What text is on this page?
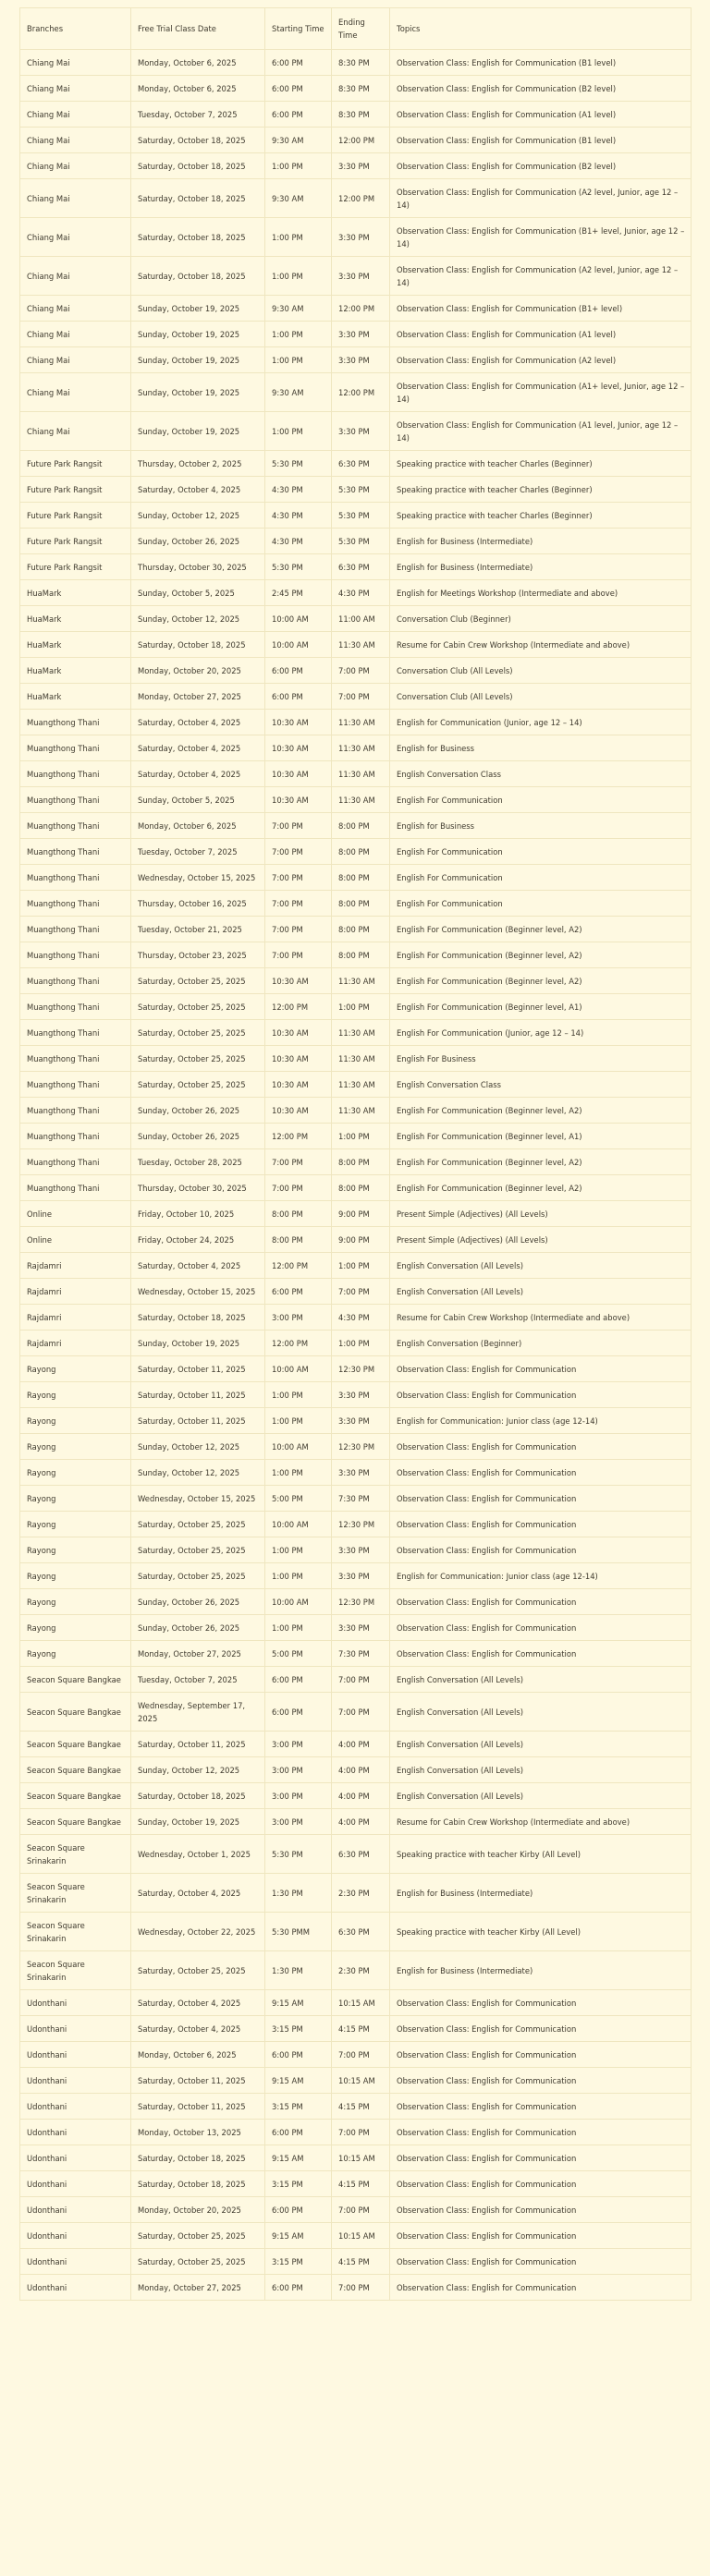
Branches	Free Trial Class Date	Starting Time	Ending Time	Topics
Chiang Mai	Monday, October 6, 2025	6:00 PM	8:30 PM	Observation Class: English for Communication (B1 level)
Chiang Mai	Monday, October 6, 2025	6:00 PM	8:30 PM	Observation Class: English for Communication (B2 level)
Chiang Mai	Tuesday, October 7, 2025	6:00 PM	8:30 PM	Observation Class: English for Communication (A1 level)
Chiang Mai	Saturday, October 18, 2025	9:30 AM	12:00 PM	Observation Class: English for Communication (B1 level)
Chiang Mai	Saturday, October 18, 2025	1:00 PM	3:30 PM	Observation Class: English for Communication (B2 level)
Chiang Mai	Saturday, October 18, 2025	9:30 AM	12:00 PM	Observation Class: English for Communication (A2 level, Junior, age 12 – 14)
Chiang Mai	Saturday, October 18, 2025	1:00 PM	3:30 PM	Observation Class: English for Communication (B1+ level, Junior, age 12 – 14)
Chiang Mai	Saturday, October 18, 2025	1:00 PM	3:30 PM	Observation Class: English for Communication (A2 level, Junior, age 12 – 14)
Chiang Mai	Sunday, October 19, 2025	9:30 AM	12:00 PM	Observation Class: English for Communication (B1+ level)
Chiang Mai	Sunday, October 19, 2025	1:00 PM	3:30 PM	Observation Class: English for Communication (A1 level)
Chiang Mai	Sunday, October 19, 2025	1:00 PM	3:30 PM	Observation Class: English for Communication (A2 level)
Chiang Mai	Sunday, October 19, 2025	9:30 AM	12:00 PM	Observation Class: English for Communication (A1+ level, Junior, age 12 – 14)
Chiang Mai	Sunday, October 19, 2025	1:00 PM	3:30 PM	Observation Class: English for Communication (A1 level, Junior, age 12 – 14)
Future Park Rangsit	Thursday, October 2, 2025	5:30 PM	6:30 PM	Speaking practice with teacher Charles (Beginner)
Future Park Rangsit	Saturday, October 4, 2025	4:30 PM	5:30 PM	Speaking practice with teacher Charles (Beginner)
Future Park Rangsit	Sunday, October 12, 2025	4:30 PM	5:30 PM	Speaking practice with teacher Charles (Beginner)
Future Park Rangsit	Sunday, October 26, 2025	4:30 PM	5:30 PM	English for Business (Intermediate)
Future Park Rangsit	Thursday, October 30, 2025	5:30 PM	6:30 PM	English for Business (Intermediate)
HuaMark	Sunday, October 5, 2025	2:45 PM	4:30 PM	English for Meetings Workshop (Intermediate and above)
HuaMark	Sunday, October 12, 2025	10:00 AM	11:00 AM	Conversation Club (Beginner)
HuaMark	Saturday, October 18, 2025	10:00 AM	11:30 AM	Resume for Cabin Crew Workshop (Intermediate and above)
HuaMark	Monday, October 20, 2025	6:00 PM	7:00 PM	Conversation Club (All Levels)
HuaMark	Monday, October 27, 2025	6:00 PM	7:00 PM	Conversation Club (All Levels)
Muangthong Thani	Saturday, October 4, 2025	10:30 AM	11:30 AM	English for Communication (Junior, age 12 – 14)
Muangthong Thani	Saturday, October 4, 2025	10:30 AM	11:30 AM	English for Business
Muangthong Thani	Saturday, October 4, 2025	10:30 AM	11:30 AM	English Conversation Class
Muangthong Thani	Sunday, October 5, 2025	10:30 AM	11:30 AM	English For Communication
Muangthong Thani	Monday, October 6, 2025	7:00 PM	8:00 PM	English for Business
Muangthong Thani	Tuesday, October 7, 2025	7:00 PM	8:00 PM	English For Communication
Muangthong Thani	Wednesday, October 15, 2025	7:00 PM	8:00 PM	English For Communication
Muangthong Thani	Thursday, October 16, 2025	7:00 PM	8:00 PM	English For Communication
Muangthong Thani	Tuesday, October 21, 2025	7:00 PM	8:00 PM	English For Communication (Beginner level, A2)
Muangthong Thani	Thursday, October 23, 2025	7:00 PM	8:00 PM	English For Communication (Beginner level, A2)
Muangthong Thani	Saturday, October 25, 2025	10:30 AM	11:30 AM	English For Communication (Beginner level, A2)
Muangthong Thani	Saturday, October 25, 2025	12:00 PM	1:00 PM	English For Communication (Beginner level, A1)
Muangthong Thani	Saturday, October 25, 2025	10:30 AM	11:30 AM	English For Communication (Junior, age 12 – 14)
Muangthong Thani	Saturday, October 25, 2025	10:30 AM	11:30 AM	English For Business
Muangthong Thani	Saturday, October 25, 2025	10:30 AM	11:30 AM	English Conversation Class
Muangthong Thani	Sunday, October 26, 2025	10:30 AM	11:30 AM	English For Communication (Beginner level, A2)
Muangthong Thani	Sunday, October 26, 2025	12:00 PM	1:00 PM	English For Communication (Beginner level, A1)
Muangthong Thani	Tuesday, October 28, 2025	7:00 PM	8:00 PM	English For Communication (Beginner level, A2)
Muangthong Thani	Thursday, October 30, 2025	7:00 PM	8:00 PM	English For Communication (Beginner level, A2)
Online	Friday, October 10, 2025	8:00 PM	9:00 PM	Present Simple (Adjectives) (All Levels)
Online	Friday, October 24, 2025	8:00 PM	9:00 PM	Present Simple (Adjectives) (All Levels)
Rajdamri	Saturday, October 4, 2025	12:00 PM	1:00 PM	English Conversation (All Levels)
Rajdamri	Wednesday, October 15, 2025	6:00 PM	7:00 PM	English Conversation (All Levels)
Rajdamri	Saturday, October 18, 2025	3:00 PM	4:30 PM	Resume for Cabin Crew Workshop (Intermediate and above)
Rajdamri	Sunday, October 19, 2025	12:00 PM	1:00 PM	English Conversation (Beginner)
Rayong	Saturday, October 11, 2025	10:00 AM	12:30 PM	Observation Class: English for Communication
Rayong	Saturday, October 11, 2025	1:00 PM	3:30 PM	Observation Class: English for Communication
Rayong	Saturday, October 11, 2025	1:00 PM	3:30 PM	English for Communication: Junior class (age 12-14)
Rayong	Sunday, October 12, 2025	10:00 AM	12:30 PM	Observation Class: English for Communication
Rayong	Sunday, October 12, 2025	1:00 PM	3:30 PM	Observation Class: English for Communication
Rayong	Wednesday, October 15, 2025	5:00 PM	7:30 PM	Observation Class: English for Communication
Rayong	Saturday, October 25, 2025	10:00 AM	12:30 PM	Observation Class: English for Communication
Rayong	Saturday, October 25, 2025	1:00 PM	3:30 PM	Observation Class: English for Communication
Rayong	Saturday, October 25, 2025	1:00 PM	3:30 PM	English for Communication: Junior class (age 12-14)
Rayong	Sunday, October 26, 2025	10:00 AM	12:30 PM	Observation Class: English for Communication
Rayong	Sunday, October 26, 2025	1:00 PM	3:30 PM	Observation Class: English for Communication
Rayong	Monday, October 27, 2025	5:00 PM	7:30 PM	Observation Class: English for Communication
Seacon Square Bangkae	Tuesday, October 7, 2025	6:00 PM	7:00 PM	English Conversation (All Levels)
Seacon Square Bangkae	Wednesday, September 17, 2025	6:00 PM	7:00 PM	English Conversation (All Levels)
Seacon Square Bangkae	Saturday, October 11, 2025	3:00 PM	4:00 PM	English Conversation (All Levels)
Seacon Square Bangkae	Sunday, October 12, 2025	3:00 PM	4:00 PM	English Conversation (All Levels)
Seacon Square Bangkae	Saturday, October 18, 2025	3:00 PM	4:00 PM	English Conversation (All Levels)
Seacon Square Bangkae	Sunday, October 19, 2025	3:00 PM	4:00 PM	Resume for Cabin Crew Workshop (Intermediate and above)
Seacon Square Srinakarin	Wednesday, October 1, 2025	5:30 PM	6:30 PM	Speaking practice with teacher Kirby (All Level)
Seacon Square Srinakarin	Saturday, October 4, 2025	1:30 PM	2:30 PM	English for Business (Intermediate)
Seacon Square Srinakarin	Wednesday, October 22, 2025	5:30 PMM	6:30 PM	Speaking practice with teacher Kirby (All Level)
Seacon Square Srinakarin	Saturday, October 25, 2025	1:30 PM	2:30 PM	English for Business (Intermediate)
Udonthani	Saturday, October 4, 2025	9:15 AM	10:15 AM	Observation Class: English for Communication
Udonthani	Saturday, October 4, 2025	3:15 PM	4:15 PM	Observation Class: English for Communication
Udonthani	Monday, October 6, 2025	6:00 PM	7:00 PM	Observation Class: English for Communication
Udonthani	Saturday, October 11, 2025	9:15 AM	10:15 AM	Observation Class: English for Communication
Udonthani	Saturday, October 11, 2025	3:15 PM	4:15 PM	Observation Class: English for Communication
Udonthani	Monday, October 13, 2025	6:00 PM	7:00 PM	Observation Class: English for Communication
Udonthani	Saturday, October 18, 2025	9:15 AM	10:15 AM	Observation Class: English for Communication
Udonthani	Saturday, October 18, 2025	3:15 PM	4:15 PM	Observation Class: English for Communication
Udonthani	Monday, October 20, 2025	6:00 PM	7:00 PM	Observation Class: English for Communication
Udonthani	Saturday, October 25, 2025	9:15 AM	10:15 AM	Observation Class: English for Communication
Udonthani	Saturday, October 25, 2025	3:15 PM	4:15 PM	Observation Class: English for Communication
Udonthani	Monday, October 27, 2025	6:00 PM	7:00 PM	Observation Class: English for Communication
